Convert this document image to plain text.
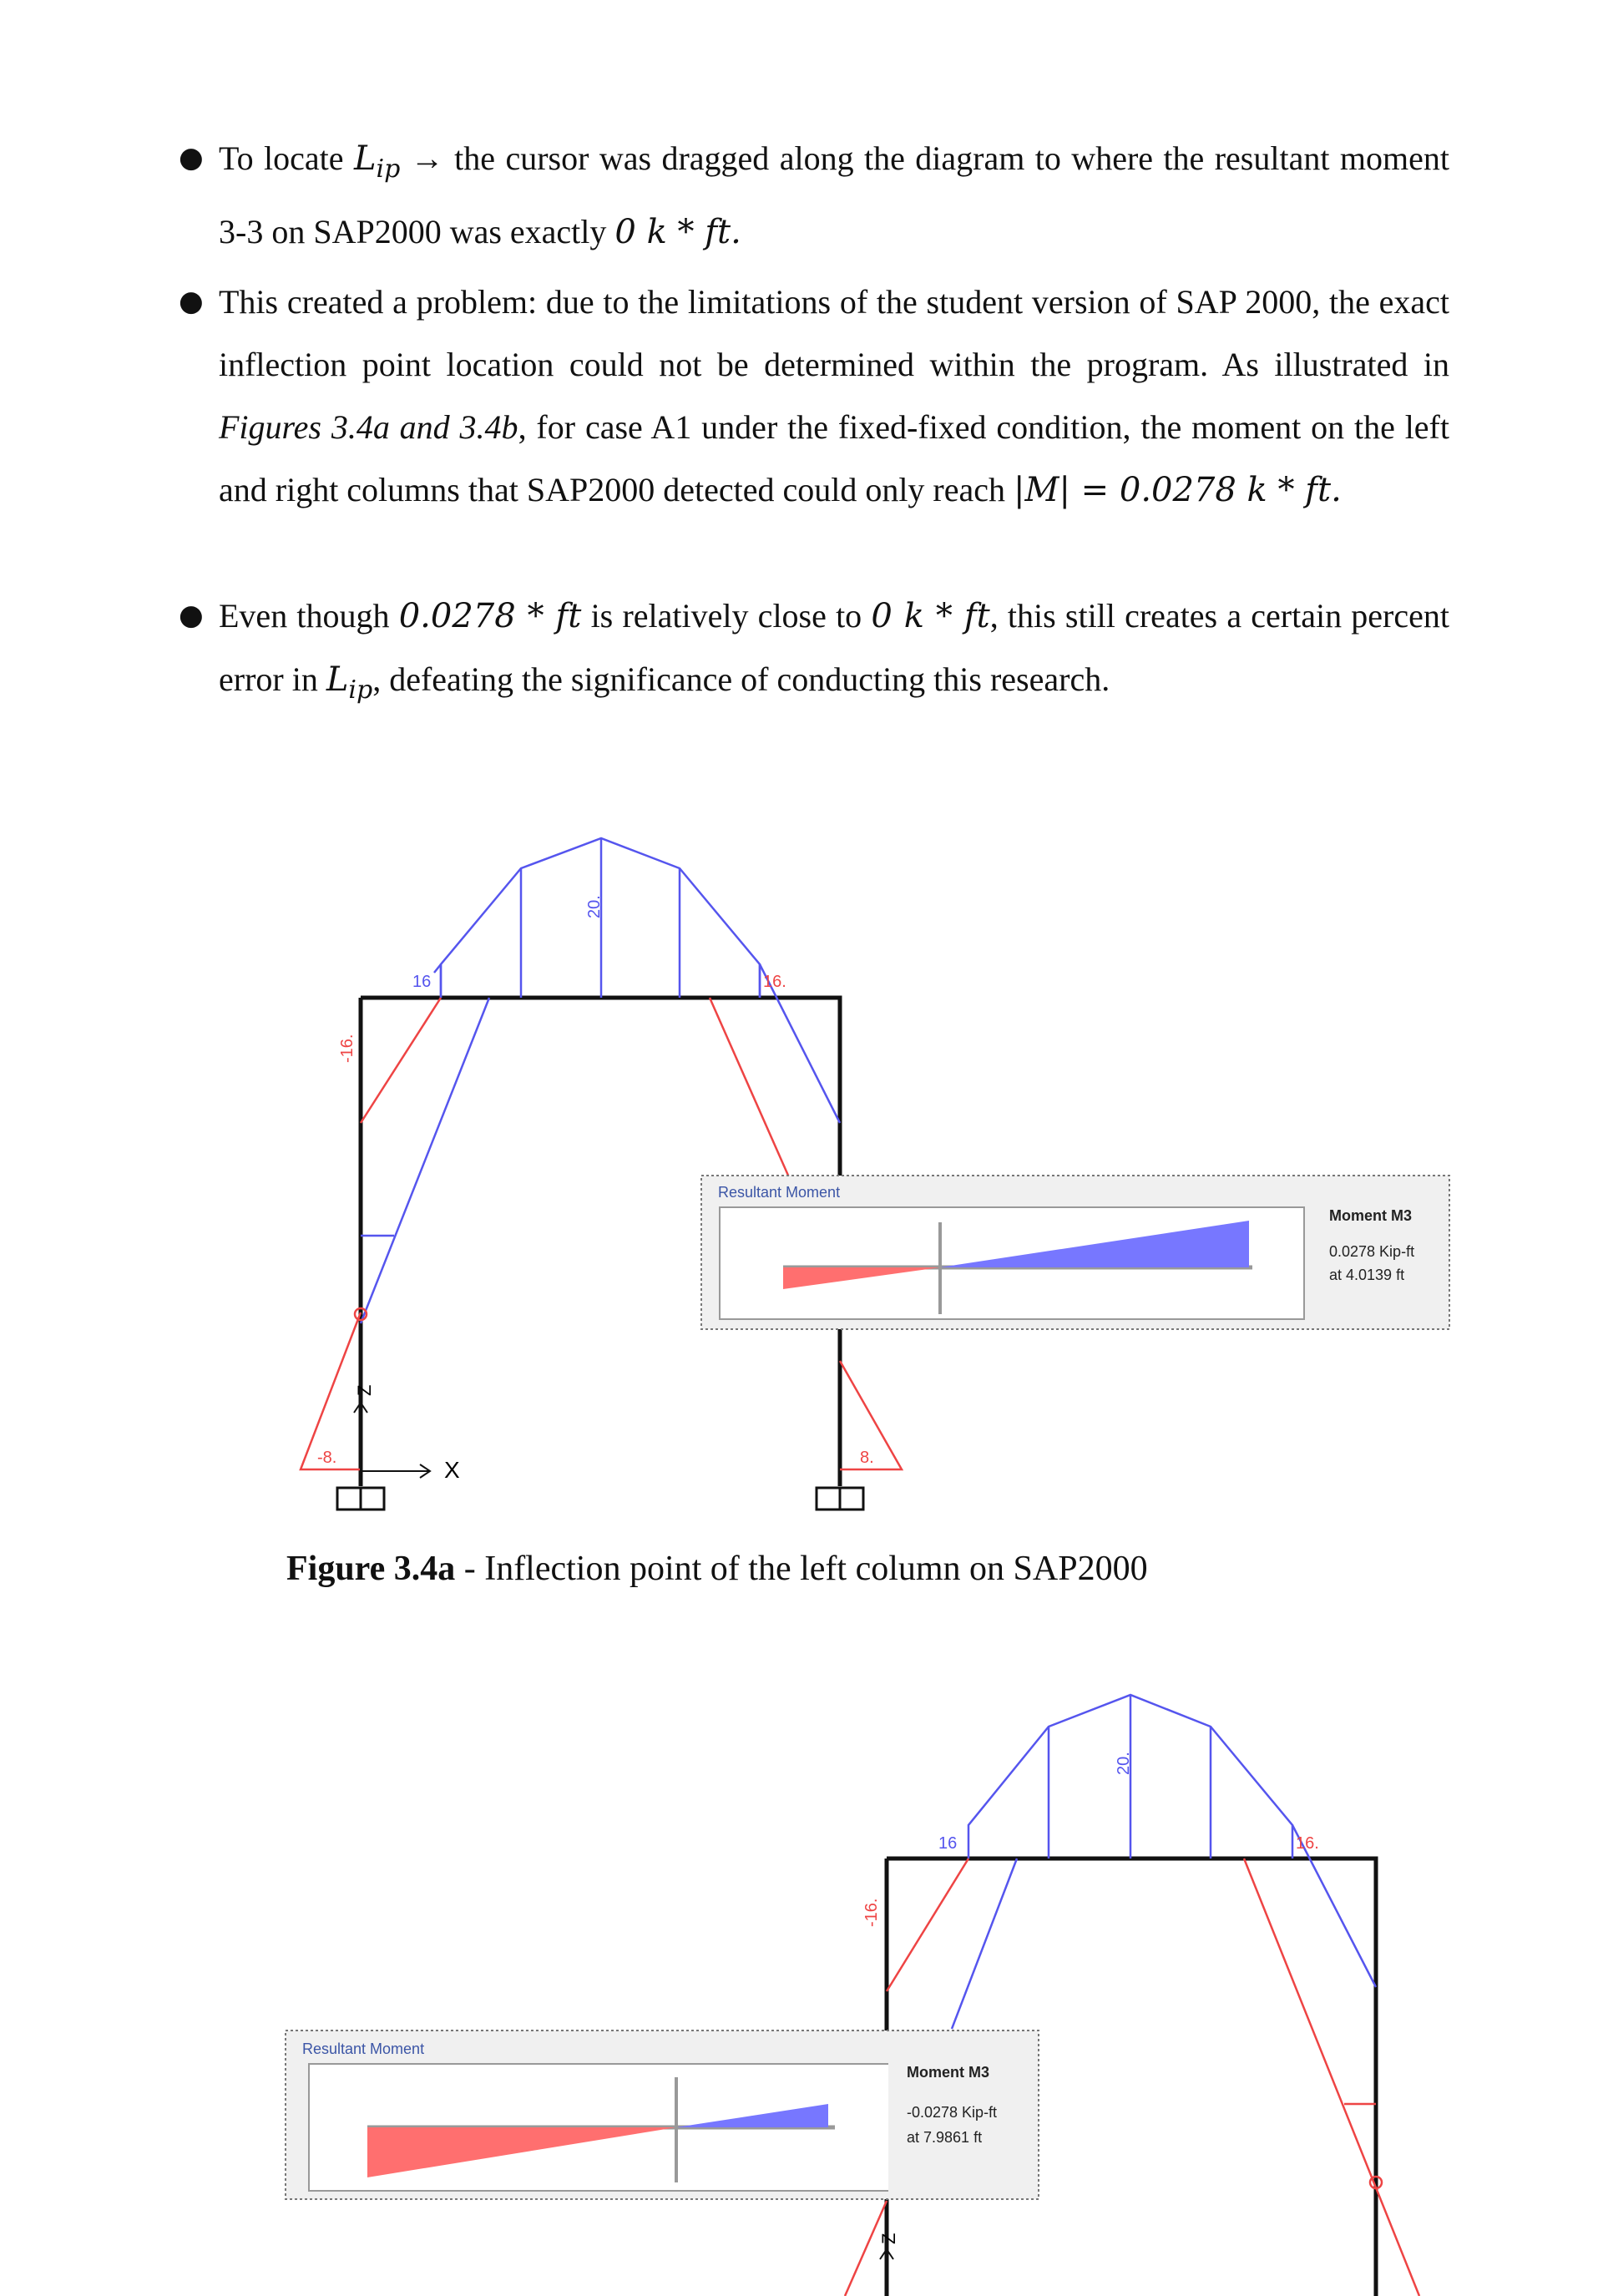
● To locate $L_{ip}$ → the cursor was dragged along the diagram to where the resultant moment 3-3 on SAP2000 was exactly 0 k * ft.
● This created a problem: due to the limitations of the student version of SAP 2000, the exact inflection point location could not be determined within the program. As illustrated in Figures 3.4a and 3.4b, for case A1 under the fixed-fixed condition, the moment on the left and right columns that SAP2000 detected could only reach |M| = 0.0278 k * ft.
● Even though 0.0278 * ft is relatively close to 0 k * ft, this still creates a certain percent error in $L_{ip}$, defeating the significance of conducting this research.
X
Z
20.
16	16.
-16.
-8.	8.
Resultant Moment
Moment M3
0.0278 Kip-ft
at 4.0139 ft
Z
20.
16	16.
-16.
Resultant Moment
Moment M3
-0.0278 Kip-ft
at 7.9861 ft
Figure 3.4a - Inflection point of the left column on SAP2000
